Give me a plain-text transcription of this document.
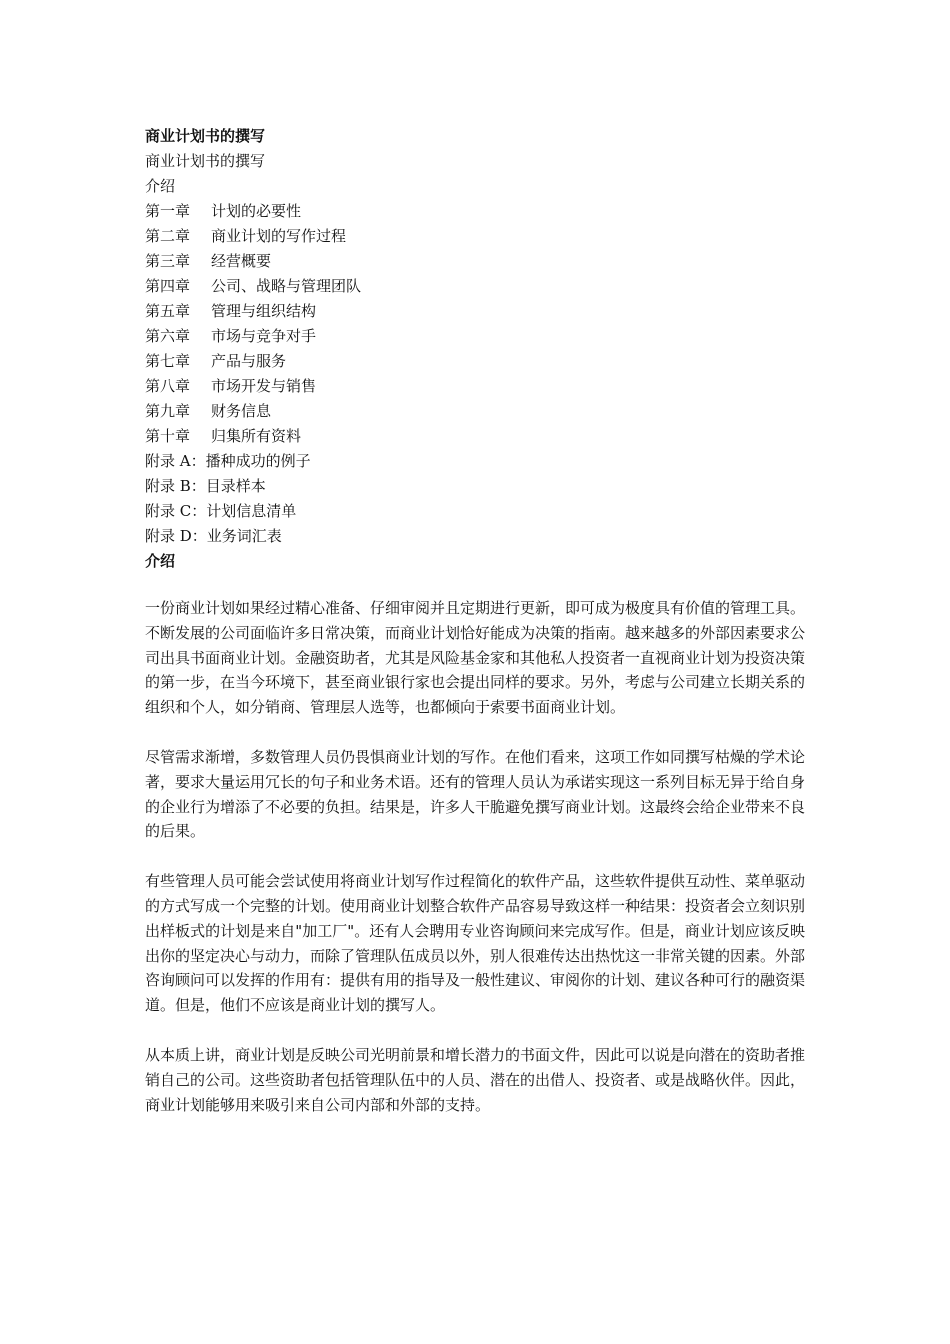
商业计划书的撰写

商业计划书的撰写

介绍

第一章 计划的必要性
第二章 商业计划的写作过程
第三章 经营概要
第四章 公司、战略与管理团队
第五章 管理与组织结构
第六章 市场与竞争对手
第七章 产品与服务
第八章 市场开发与销售
第九章 财务信息
第十章 归集所有资料
附录 A：播种成功的例子
附录 B：目录样本
附录 C：计划信息清单
附录 D：业务词汇表
介绍

一份商业计划如果经过精心准备、仔细审阅并且定期进行更新，即可成为极度具有价值的管理工具。不断发展的公司面临许多日常决策，而商业计划恰好能成为决策的指南。越来越多的外部因素要求公司出具书面商业计划。金融资助者，尤其是风险基金家和其他私人投资者一直视商业计划为投资决策的第一步，在当今环境下，甚至商业银行家也会提出同样的要求。另外，考虑与公司建立长期关系的组织和个人，如分销商、管理层人选等，也都倾向于索要书面商业计划。

尽管需求渐增，多数管理人员仍畏惧商业计划的写作。在他们看来，这项工作如同撰写枯燥的学术论著，要求大量运用冗长的句子和业务术语。还有的管理人员认为承诺实现这一系列目标无异于给自身的企业行为增添了不必要的负担。结果是，许多人干脆避免撰写商业计划。这最终会给企业带来不良的后果。

有些管理人员可能会尝试使用将商业计划写作过程简化的软件产品，这些软件提供互动性、菜单驱动的方式写成一个完整的计划。使用商业计划整合软件产品容易导致这样一种结果：投资者会立刻识别出样板式的计划是来自"加工厂"。还有人会聘用专业咨询顾问来完成写作。但是，商业计划应该反映出你的坚定决心与动力，而除了管理队伍成员以外，别人很难传达出热忱这一非常关键的因素。外部咨询顾问可以发挥的作用有：提供有用的指导及一般性建议、审阅你的计划、建议各种可行的融资渠道。但是，他们不应该是商业计划的撰写人。

从本质上讲，商业计划是反映公司光明前景和增长潜力的书面文件，因此可以说是向潜在的资助者推销自己的公司。这些资助者包括管理队伍中的人员、潜在的出借人、投资者、或是战略伙伴。因此，商业计划能够用来吸引来自公司内部和外部的支持。
